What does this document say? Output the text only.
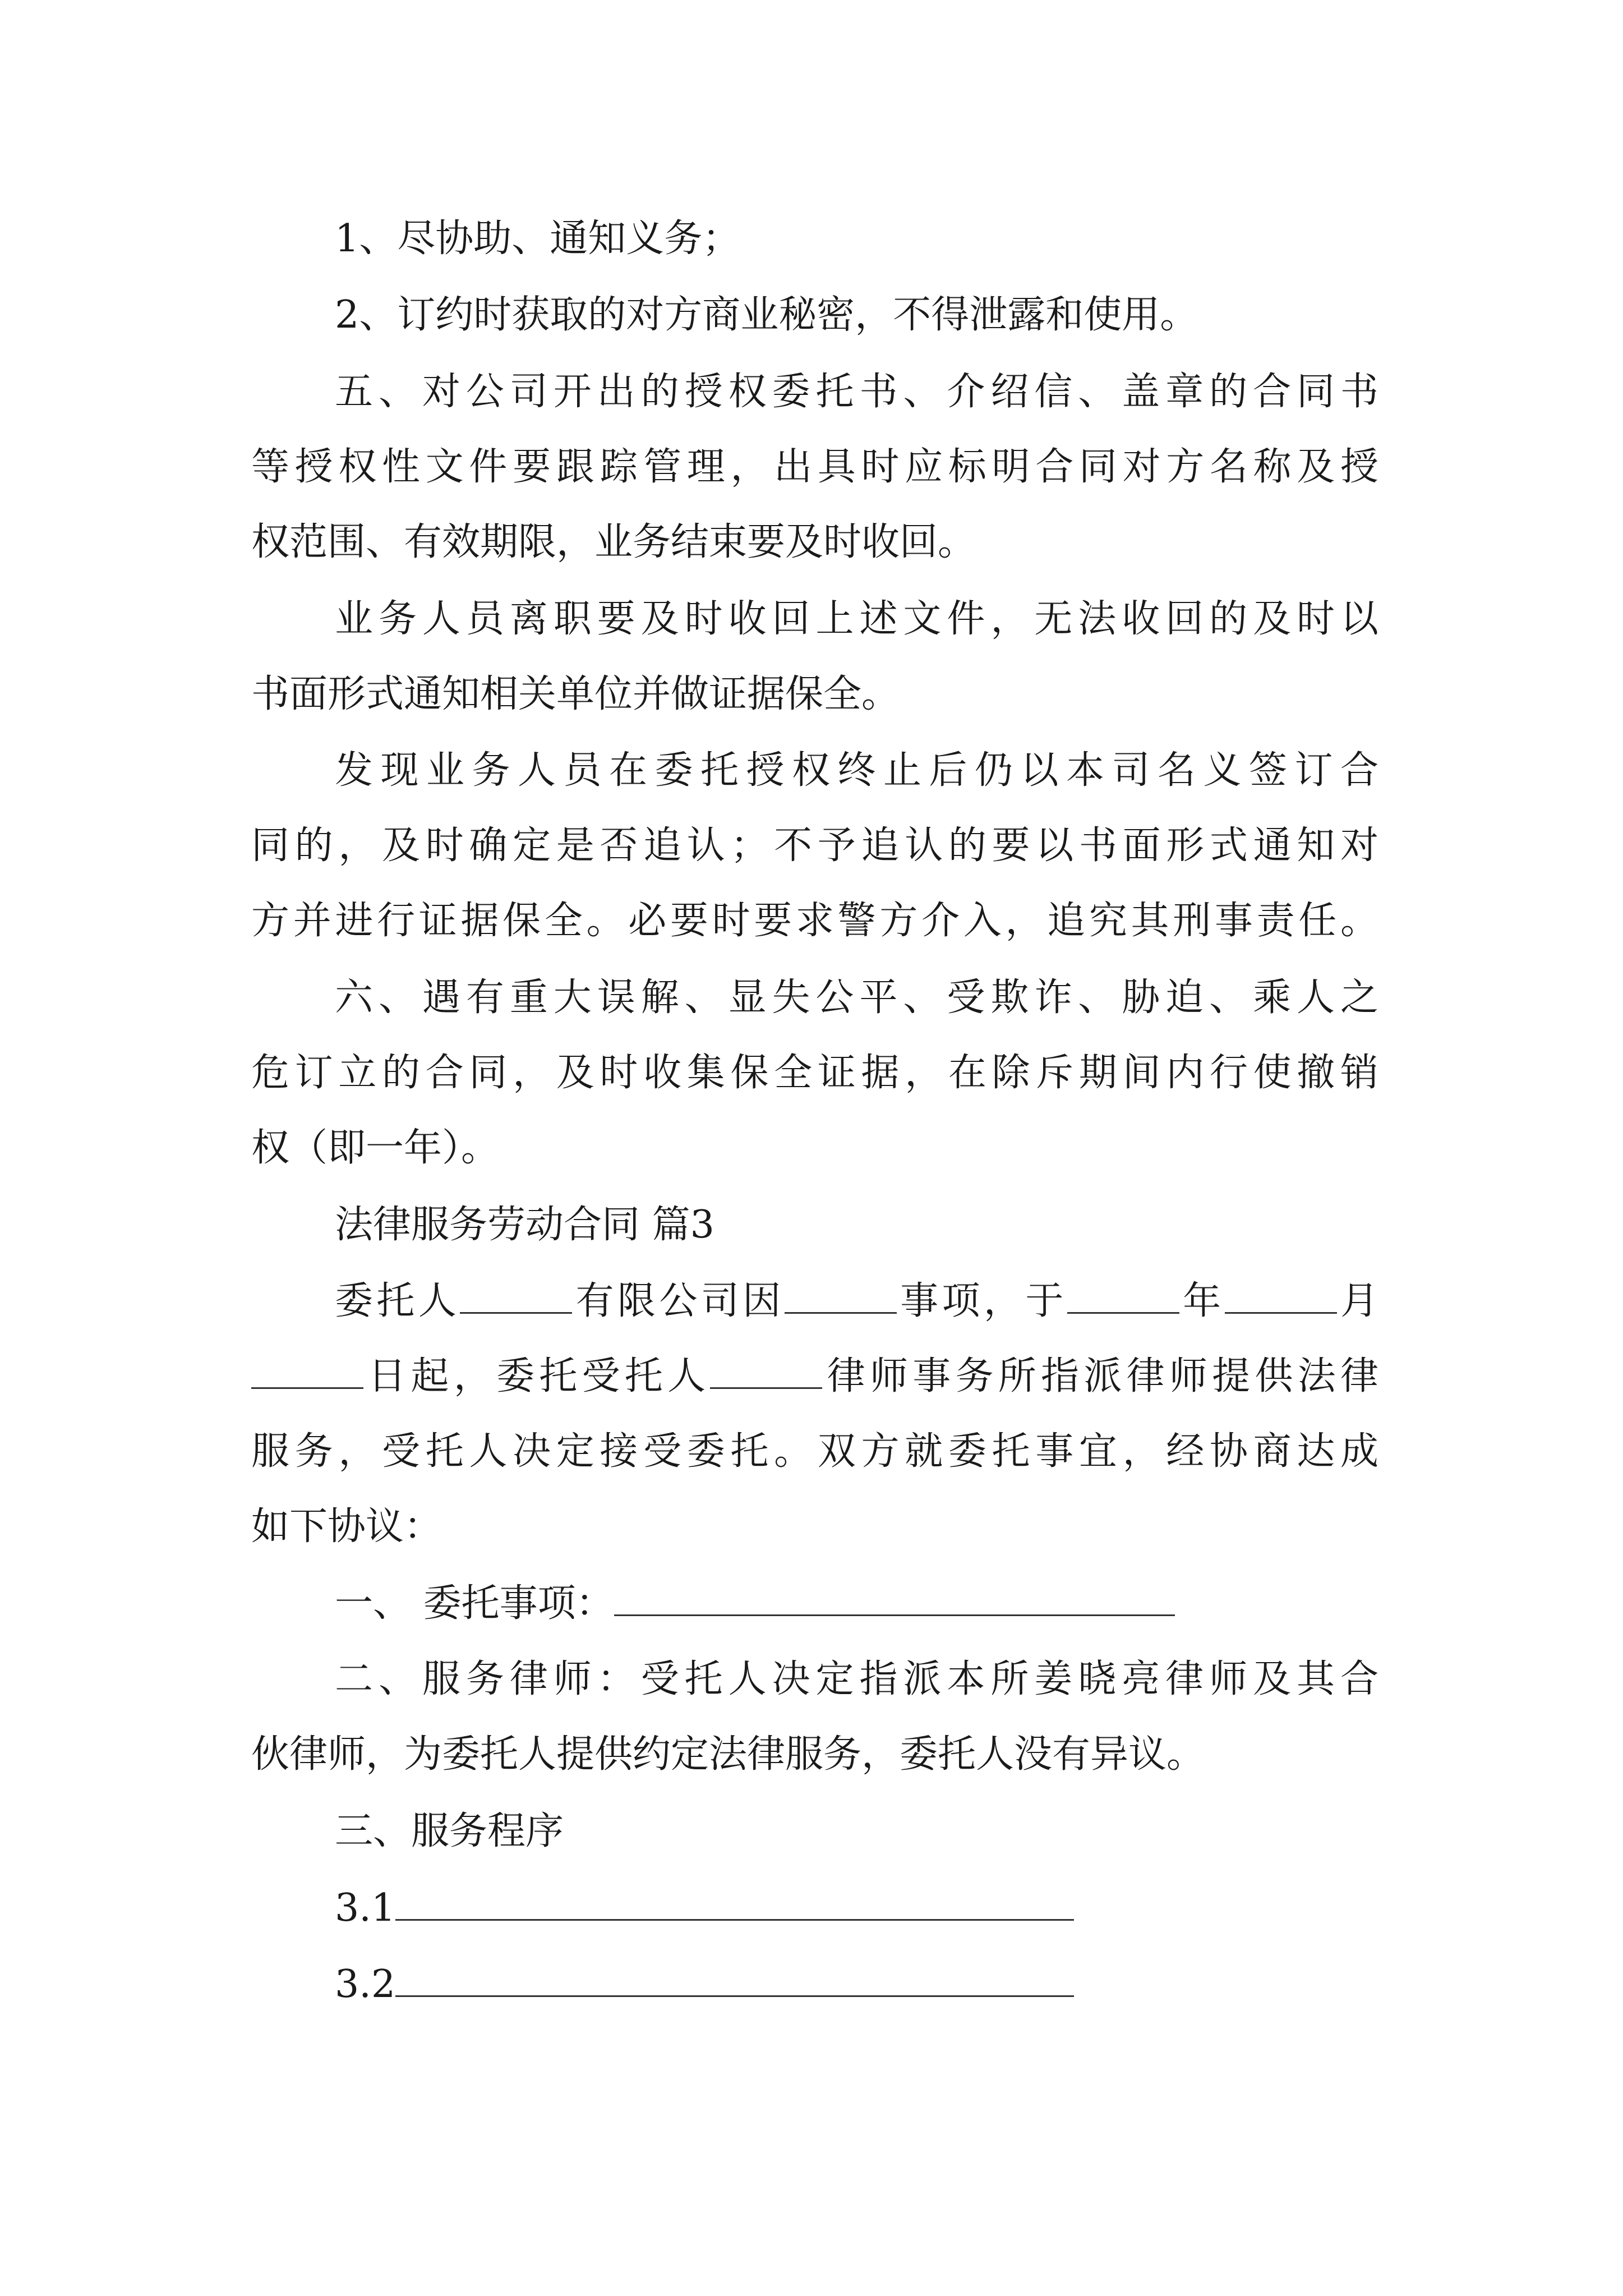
1、尽协助、通知义务；
2、订约时获取的对方商业秘密，不得泄露和使用。
五、对公司开出的授权委托书、介绍信、盖章的合同书
等授权性文件要跟踪管理，出具时应标明合同对方名称及授
权范围、有效期限，业务结束要及时收回。
业务人员离职要及时收回上述文件，无法收回的及时以
书面形式通知相关单位并做证据保全。
发现业务人员在委托授权终止后仍以本司名义签订合
同的，及时确定是否追认；不予追认的要以书面形式通知对
方并进行证据保全。必要时要求警方介入，追究其刑事责任。
六、遇有重大误解、显失公平、受欺诈、胁迫、乘人之
危订立的合同，及时收集保全证据，在除斥期间内行使撤销
权（即一年）。
法律服务劳动合同 篇3
委托人	有限公司因	事项，于	年	月
日起，委托受托人	律师事务所指派律师提供法律
服务，受托人决定接受委托。双方就委托事宜，经协商达成
如下协议：
一、 委托事项：
二、服务律师：受托人决定指派本所姜晓亮律师及其合
伙律师，为委托人提供约定法律服务，委托人没有异议。
三、服务程序
3.1
3.2
